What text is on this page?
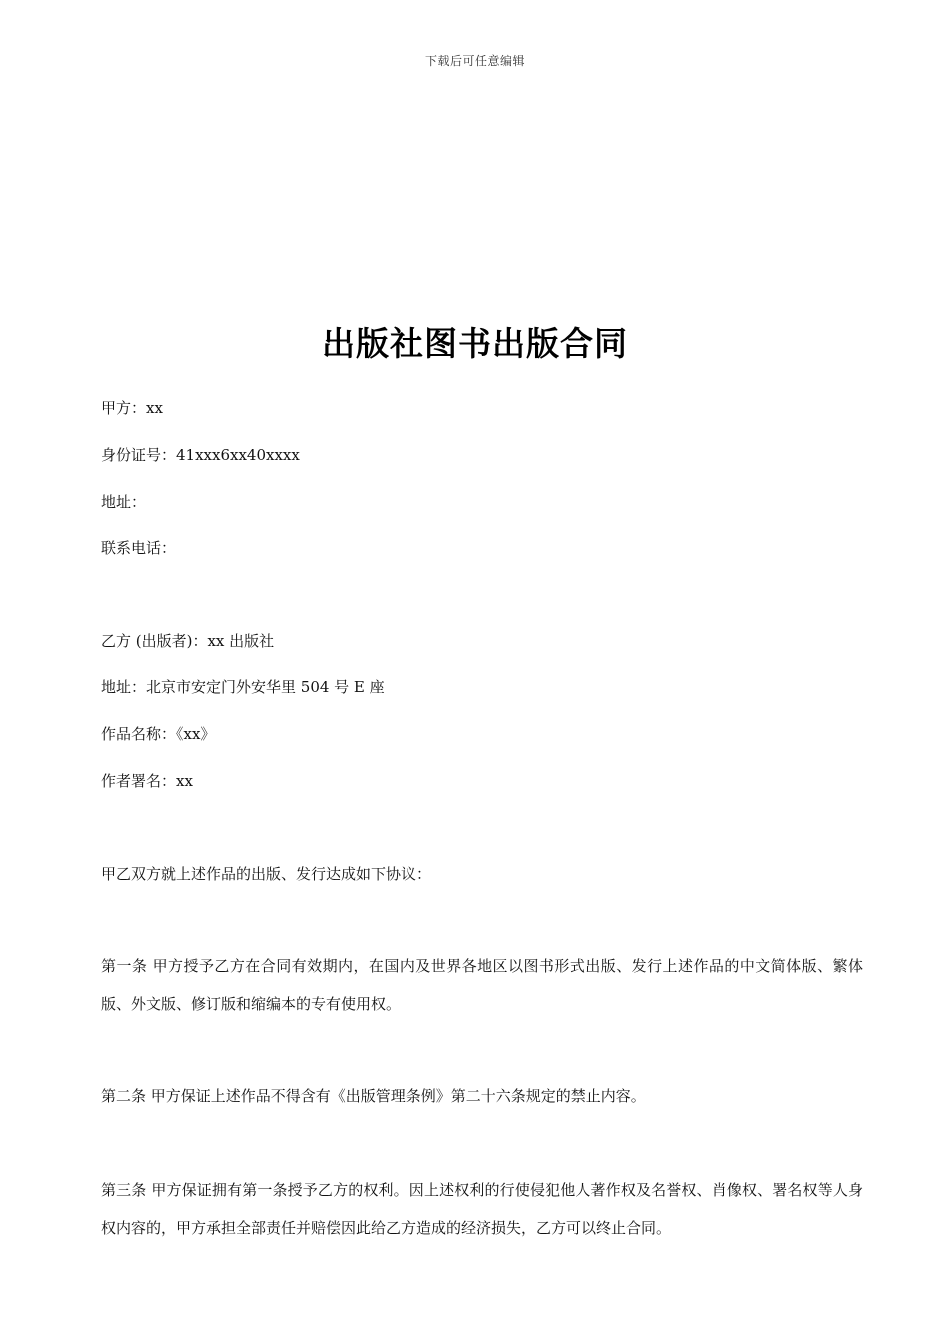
下载后可任意编辑
出版社图书出版合同
甲方：xx
身份证号：41xxx6xx40xxxx
地址：
联系电话：
乙方 (出版者)：xx 出版社
地址：北京市安定门外安华里 504 号 E 座
作品名称：《xx》
作者署名：xx
甲乙双方就上述作品的出版、发行达成如下协议：
第一条 甲方授予乙方在合同有效期内，在国内及世界各地区以图书形式出版、发行上述作品的中文简体版、繁体版、外文版、修订版和缩编本的专有使用权。
第二条 甲方保证上述作品不得含有《出版管理条例》第二十六条规定的禁止内容。
第三条 甲方保证拥有第一条授予乙方的权利。因上述权利的行使侵犯他人著作权及名誉权、肖像权、署名权等人身权内容的，甲方承担全部责任并赔偿因此给乙方造成的经济损失，乙方可以终止合同。
